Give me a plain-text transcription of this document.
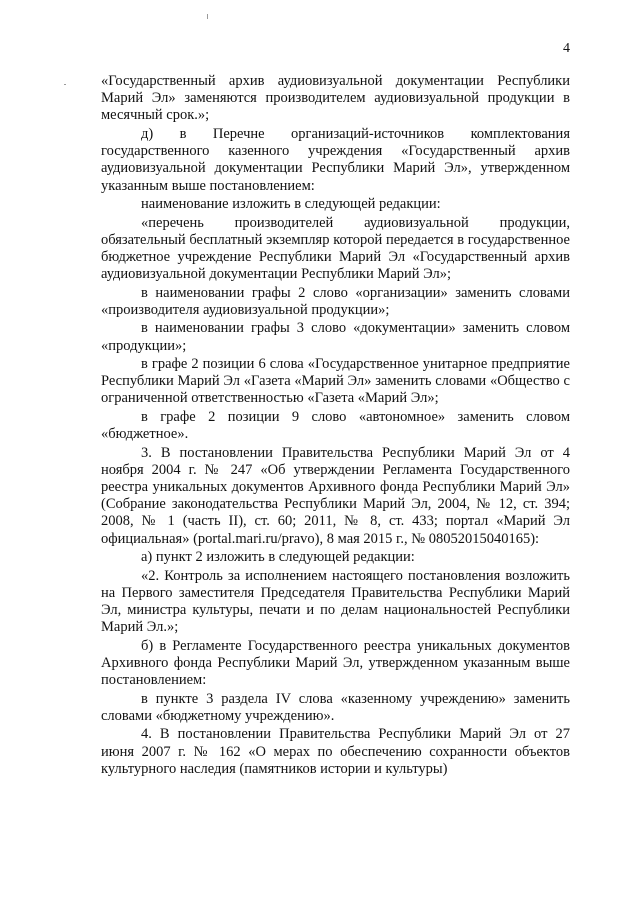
4

«Государственный архив аудиовизуальной документации Республики Марий Эл» заменяются производителем аудиовизуальной продукции в месячный срок.»;

д) в Перечне организаций-источников комплектования государственного казенного учреждения «Государственный архив аудиовизуальной документации Республики Марий Эл», утвержденном указанным выше постановлением:

наименование изложить в следующей редакции:

«перечень производителей аудиовизуальной продукции, обязательный бесплатный экземпляр которой передается в государственное бюджетное учреждение Республики Марий Эл «Государственный архив аудиовизуальной документации Республики Марий Эл»;

в наименовании графы 2 слово «организации» заменить словами «производителя аудиовизуальной продукции»;

в наименовании графы 3 слово «документации» заменить словом «продукции»;

в графе 2 позиции 6 слова «Государственное унитарное предприятие Республики Марий Эл «Газета «Марий Эл» заменить словами «Общество с ограниченной ответственностью «Газета «Марий Эл»;

в графе 2 позиции 9 слово «автономное» заменить словом «бюджетное».

3. В постановлении Правительства Республики Марий Эл от 4 ноября 2004 г. № 247 «Об утверждении Регламента Государственного реестра уникальных документов Архивного фонда Республики Марий Эл» (Собрание законодательства Республики Марий Эл, 2004, № 12, ст. 394; 2008, № 1 (часть II), ст. 60; 2011, № 8, ст. 433; портал «Марий Эл официальная» (portal.mari.ru/pravo), 8 мая 2015 г., № 08052015040165):

а) пункт 2 изложить в следующей редакции:

«2. Контроль за исполнением настоящего постановления возложить на Первого заместителя Председателя Правительства Республики Марий Эл, министра культуры, печати и по делам национальностей Республики Марий Эл.»;

б) в Регламенте Государственного реестра уникальных документов Архивного фонда Республики Марий Эл, утвержденном указанным выше постановлением:

в пункте 3 раздела IV слова «казенному учреждению» заменить словами «бюджетному учреждению».

4. В постановлении Правительства Республики Марий Эл от 27 июня 2007 г. № 162 «О мерах по обеспечению сохранности объектов культурного наследия (памятников истории и культуры)
